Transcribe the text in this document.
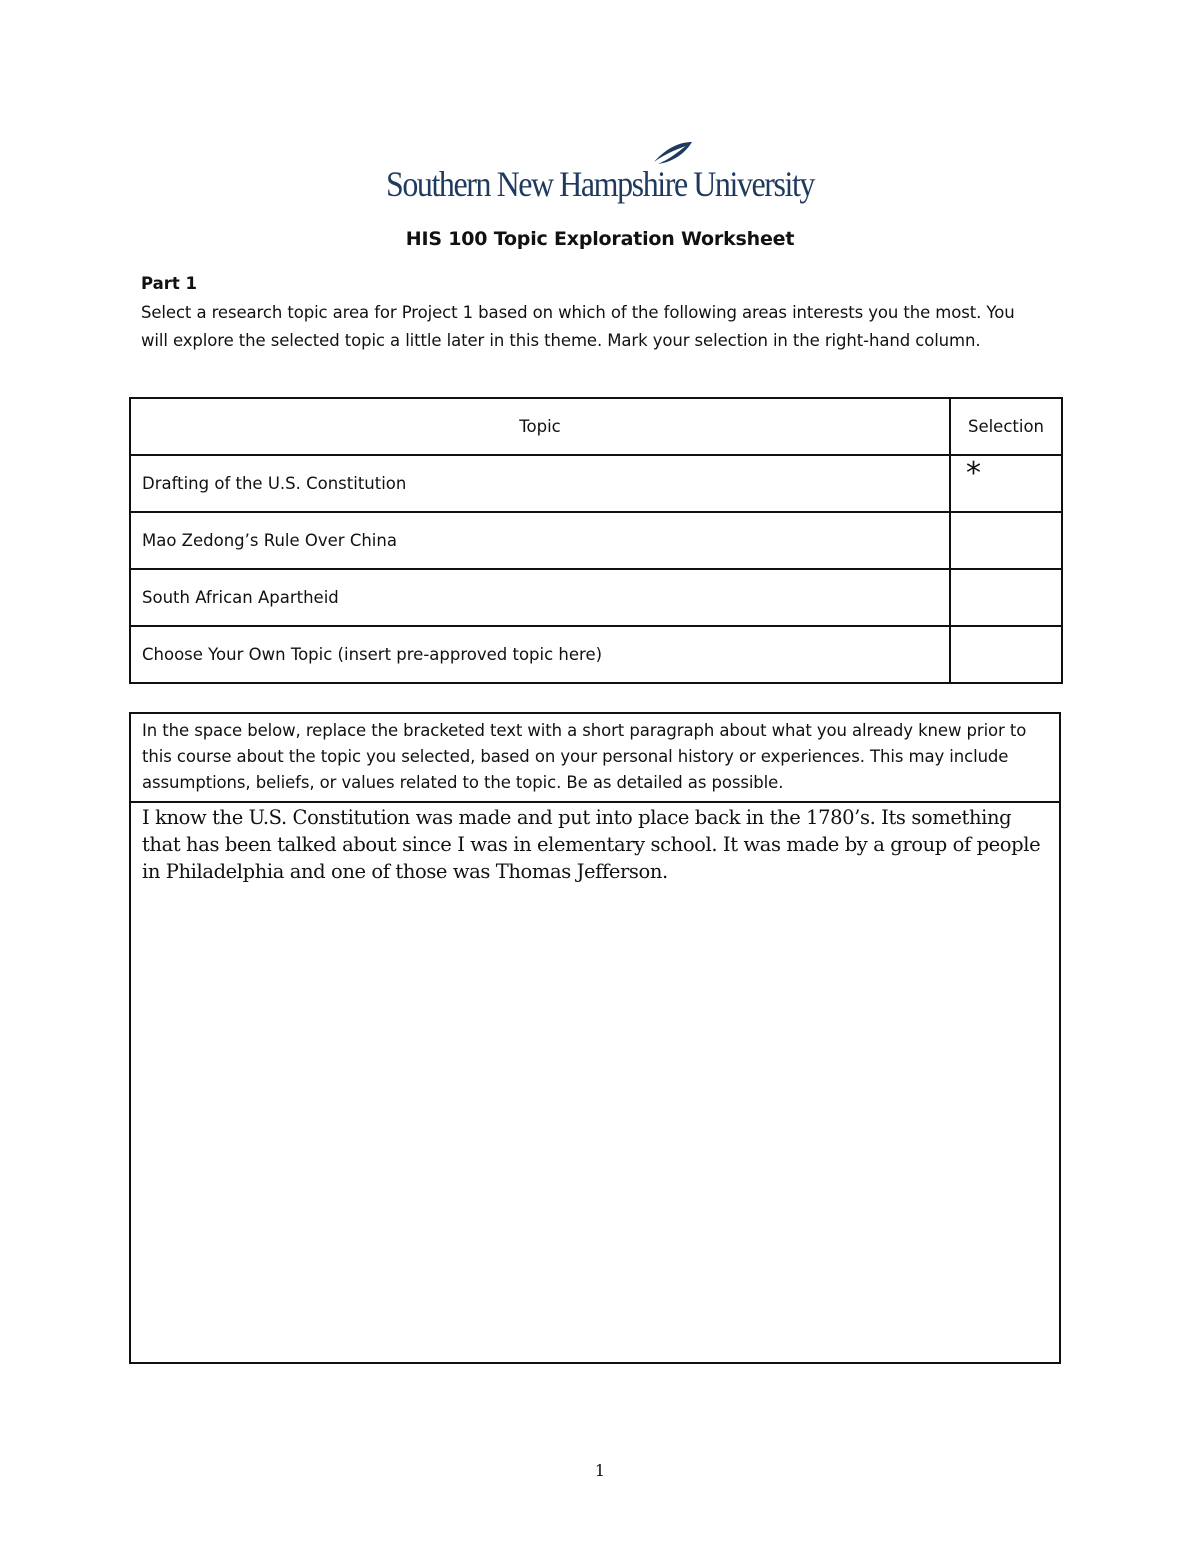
Southern New Hampshire University
HIS 100 Topic Exploration Worksheet
Part 1
Select a research topic area for Project 1 based on which of the following areas interests you the most. You will explore the selected topic a little later in this theme. Mark your selection in the right-hand column.
Topic	Selection
Drafting of the U.S. Constitution	*
Mao Zedong’s Rule Over China	
South African Apartheid	
Choose Your Own Topic (insert pre-approved topic here)	
In the space below, replace the bracketed text with a short paragraph about what you already knew prior to this course about the topic you selected, based on your personal history or experiences. This may include assumptions, beliefs, or values related to the topic. Be as detailed as possible.
I know the U.S. Constitution was made and put into place back in the 1780’s. Its something that has been talked about since I was in elementary school. It was made by a group of people in Philadelphia and one of those was Thomas Jefferson.
1
